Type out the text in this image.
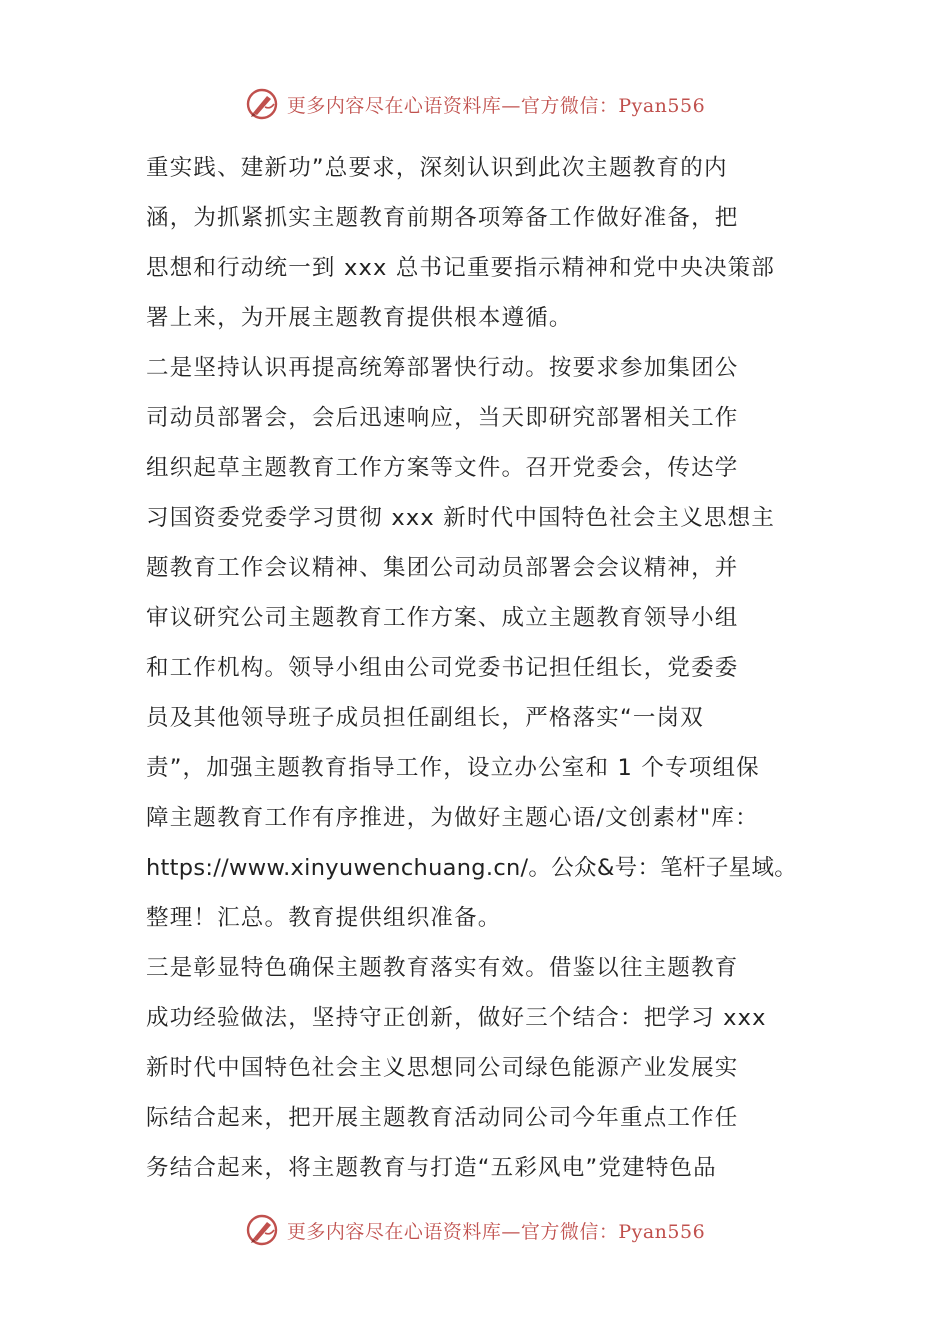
更多内容尽在心语资料库—官方微信：Pyan556
重实践、建新功”总要求，深刻认识到此次主题教育的内
涵，为抓紧抓实主题教育前期各项筹备工作做好准备，把
思想和行动统一到 xxx 总书记重要指示精神和党中央决策部
署上来，为开展主题教育提供根本遵循。
二是坚持认识再提高统筹部署快行动。按要求参加集团公
司动员部署会，会后迅速响应，当天即研究部署相关工作
组织起草主题教育工作方案等文件。召开党委会，传达学
习国资委党委学习贯彻 xxx 新时代中国特色社会主义思想主
题教育工作会议精神、集团公司动员部署会会议精神，并
审议研究公司主题教育工作方案、成立主题教育领导小组
和工作机构。领导小组由公司党委书记担任组长，党委委
员及其他领导班子成员担任副组长，严格落实“一岗双
责”，加强主题教育指导工作，设立办公室和 1 个专项组保
障主题教育工作有序推进，为做好主题心语/文创素材"库：
https://www.xinyuwenchuang.cn/。公众&号：笔杆子星域。
整理！汇总。教育提供组织准备。
三是彰显特色确保主题教育落实有效。借鉴以往主题教育
成功经验做法，坚持守正创新，做好三个结合：把学习 xxx
新时代中国特色社会主义思想同公司绿色能源产业发展实
际结合起来，把开展主题教育活动同公司今年重点工作任
务结合起来，将主题教育与打造“五彩风电”党建特色品
更多内容尽在心语资料库—官方微信：Pyan556
